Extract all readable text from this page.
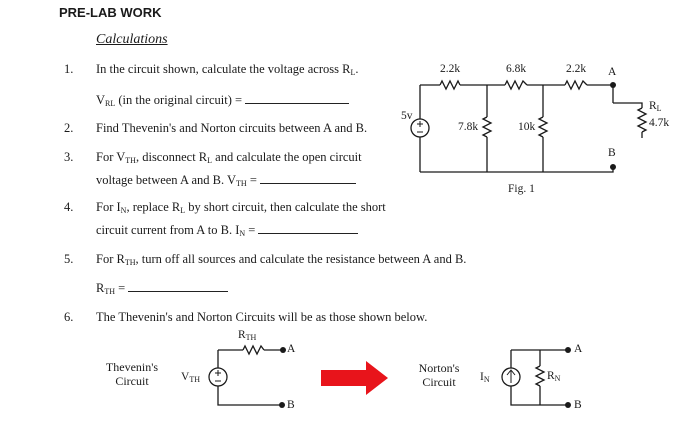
PRE-LAB WORK
Calculations
1. In the circuit shown, calculate the voltage across $R_L$.
$V_{RL}$ (in the original circuit) =
2. Find Thevenin's and Norton circuits between A and B.
3. For $V_{TH}$, disconnect $R_L$ and calculate the open circuit
voltage between A and B. $V_{TH}$ =
4. For $I_N$, replace $R_L$ by short circuit, then calculate the short
circuit current from A to B. $I_N$ =
5. For $R_{TH}$, turn off all sources and calculate the resistance between A and B.
$R_{TH}$ =
6. The Thevenin's and Norton Circuits will be as those shown below.
2.2k	6.8k	2.2k A
5v
7.8k	10k
$R_L$
4.7k
B
Fig. 1
Thevenin's Circuit	$V_{TH}$
$R_{TH}$
A
B
Norton's Circuit	$I_N$	$R_N$
A
B
